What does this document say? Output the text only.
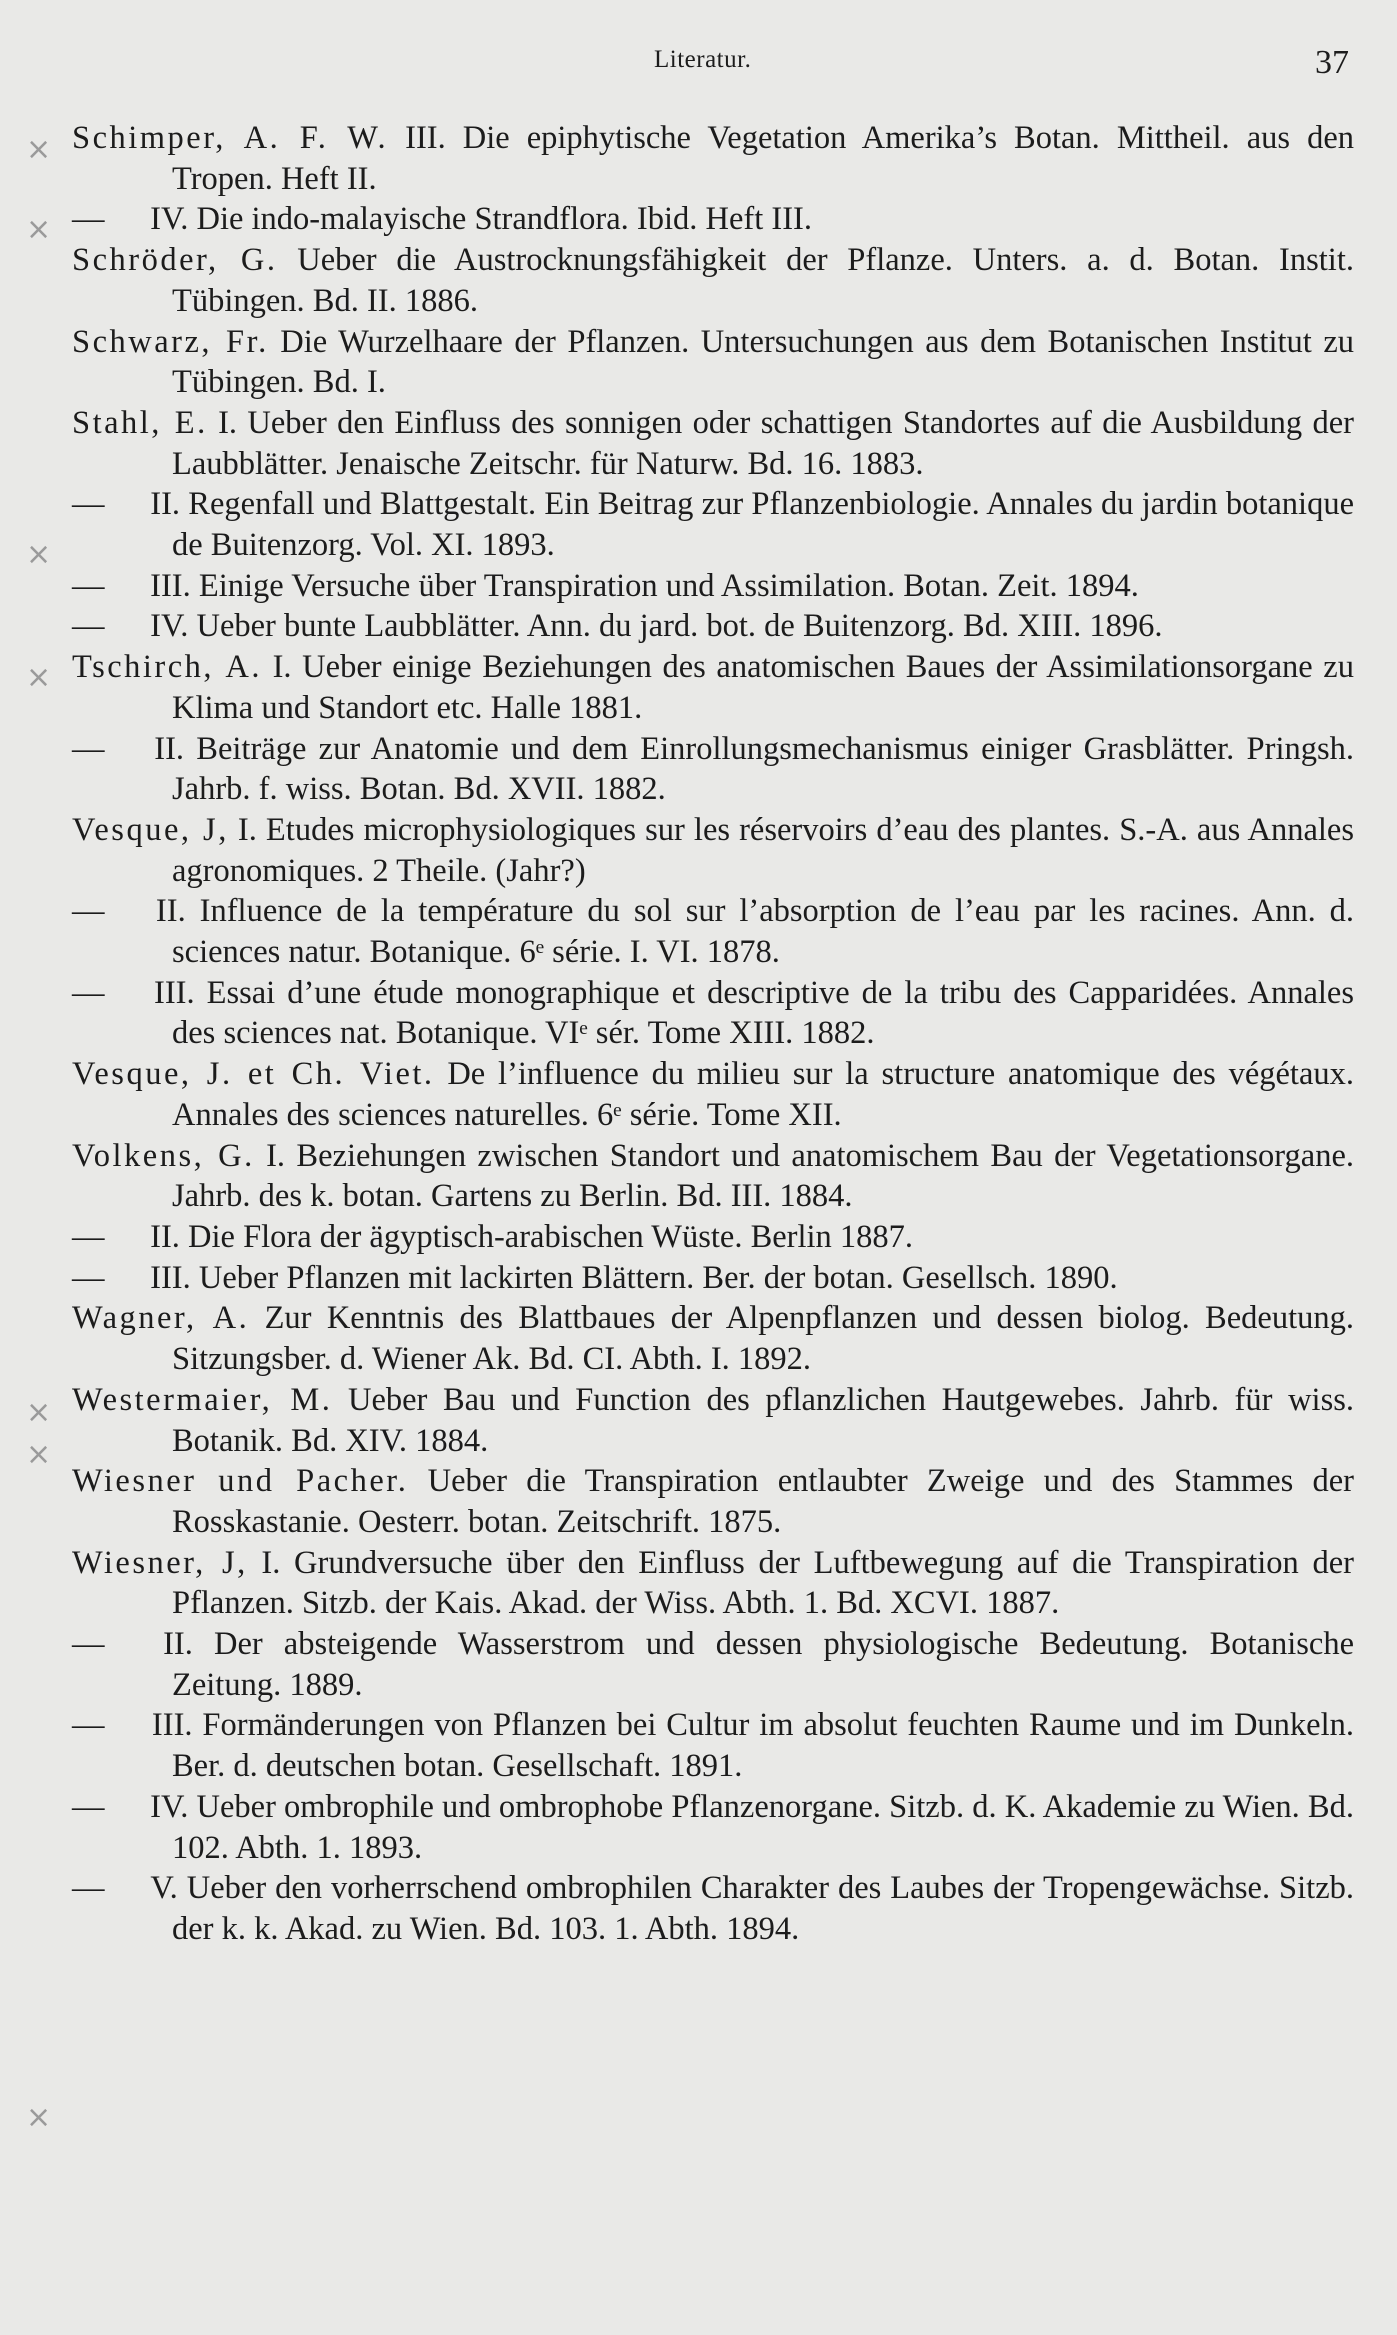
Literatur.	37
×
×
×
×
×
×
×
Schimper, A. F. W. III. Die epiphytische Vegetation Amerika’s Botan. Mittheil. aus den Tropen. Heft II.
— IV. Die indo-malayische Strandflora. Ibid. Heft III.
Schröder, G. Ueber die Austrocknungsfähigkeit der Pflanze. Unters. a. d. Botan. Instit. Tübingen. Bd. II. 1886.
Schwarz, Fr. Die Wurzelhaare der Pflanzen. Untersuchungen aus dem Botanischen Institut zu Tübingen. Bd. I.
Stahl, E. I. Ueber den Einfluss des sonnigen oder schattigen Standortes auf die Ausbildung der Laubblätter. Jenaische Zeitschr. für Naturw. Bd. 16. 1883.
— II. Regenfall und Blattgestalt. Ein Beitrag zur Pflanzenbiologie. Annales du jardin botanique de Buitenzorg. Vol. XI. 1893.
— III. Einige Versuche über Transpiration und Assimilation. Botan. Zeit. 1894.
— IV. Ueber bunte Laubblätter. Ann. du jard. bot. de Buitenzorg. Bd. XIII. 1896.
Tschirch, A. I. Ueber einige Beziehungen des anatomischen Baues der Assimilationsorgane zu Klima und Standort etc. Halle 1881.
— II. Beiträge zur Anatomie und dem Einrollungsmechanismus einiger Grasblätter. Pringsh. Jahrb. f. wiss. Botan. Bd. XVII. 1882.
Vesque, J, I. Etudes microphysiologiques sur les réservoirs d’eau des plantes. S.-A. aus Annales agronomiques. 2 Theile. (Jahr?)
— II. Influence de la température du sol sur l’absorption de l’eau par les racines. Ann. d. sciences natur. Botanique. 6ᵉ série. I. VI. 1878.
— III. Essai d’une étude monographique et descriptive de la tribu des Capparidées. Annales des sciences nat. Botanique. VIᵉ sér. Tome XIII. 1882.
Vesque, J. et Ch. Viet. De l’influence du milieu sur la structure anatomique des végétaux. Annales des sciences naturelles. 6ᵉ série. Tome XII.
Volkens, G. I. Beziehungen zwischen Standort und anatomischem Bau der Vegetationsorgane. Jahrb. des k. botan. Gartens zu Berlin. Bd. III. 1884.
— II. Die Flora der ägyptisch-arabischen Wüste. Berlin 1887.
— III. Ueber Pflanzen mit lackirten Blättern. Ber. der botan. Gesellsch. 1890.
Wagner, A. Zur Kenntnis des Blattbaues der Alpenpflanzen und dessen biolog. Bedeutung. Sitzungsber. d. Wiener Ak. Bd. CI. Abth. I. 1892.
Westermaier, M. Ueber Bau und Function des pflanzlichen Hautgewebes. Jahrb. für wiss. Botanik. Bd. XIV. 1884.
Wiesner und Pacher. Ueber die Transpiration entlaubter Zweige und des Stammes der Rosskastanie. Oesterr. botan. Zeitschrift. 1875.
Wiesner, J, I. Grundversuche über den Einfluss der Luftbewegung auf die Transpiration der Pflanzen. Sitzb. der Kais. Akad. der Wiss. Abth. 1. Bd. XCVI. 1887.
— II. Der absteigende Wasserstrom und dessen physiologische Bedeutung. Botanische Zeitung. 1889.
— III. Formänderungen von Pflanzen bei Cultur im absolut feuchten Raume und im Dunkeln. Ber. d. deutschen botan. Gesellschaft. 1891.
— IV. Ueber ombrophile und ombrophobe Pflanzenorgane. Sitzb. d. K. Akademie zu Wien. Bd. 102. Abth. 1. 1893.
— V. Ueber den vorherrschend ombrophilen Charakter des Laubes der Tropengewächse. Sitzb. der k. k. Akad. zu Wien. Bd. 103. 1. Abth. 1894.
